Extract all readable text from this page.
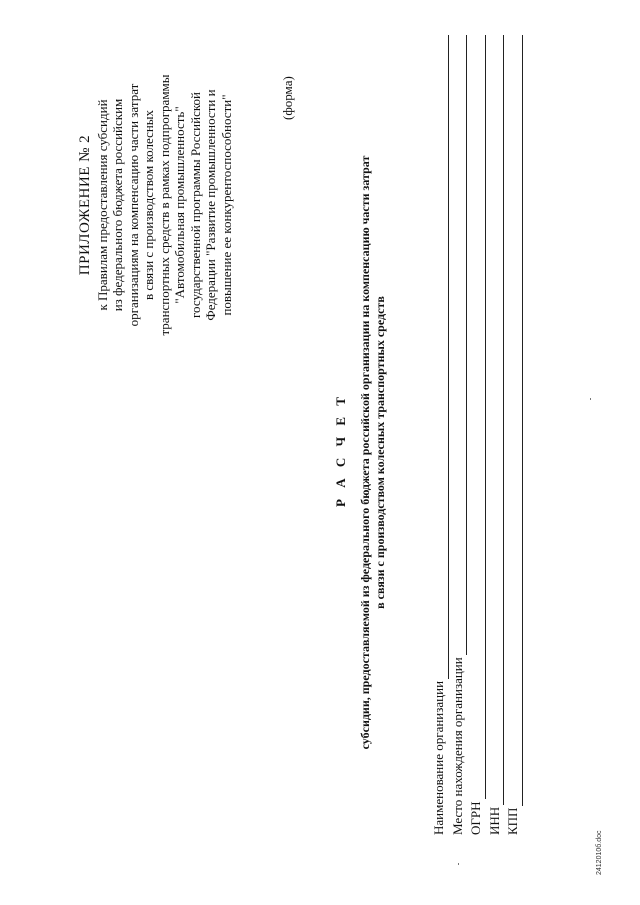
ПРИЛОЖЕНИЕ № 2 к Правилам предоставления субсидий из федерального бюджета российским организациям на компенсацию части затрат в связи с производством колесных транспортных средств в рамках подпрограммы "Автомобильная промышленность" государственной программы Российской Федерации "Развитие промышленности и повышение ее конкурентоспособности"	(форма)
Р А С Ч Е Т субсидии, предоставляемой из федерального бюджета российской организации на компенсацию части затрат в связи с производством колесных транспортных средств
Наименование организации Место нахождения организации ОГРН ИНН КПП
2412010б.doc
